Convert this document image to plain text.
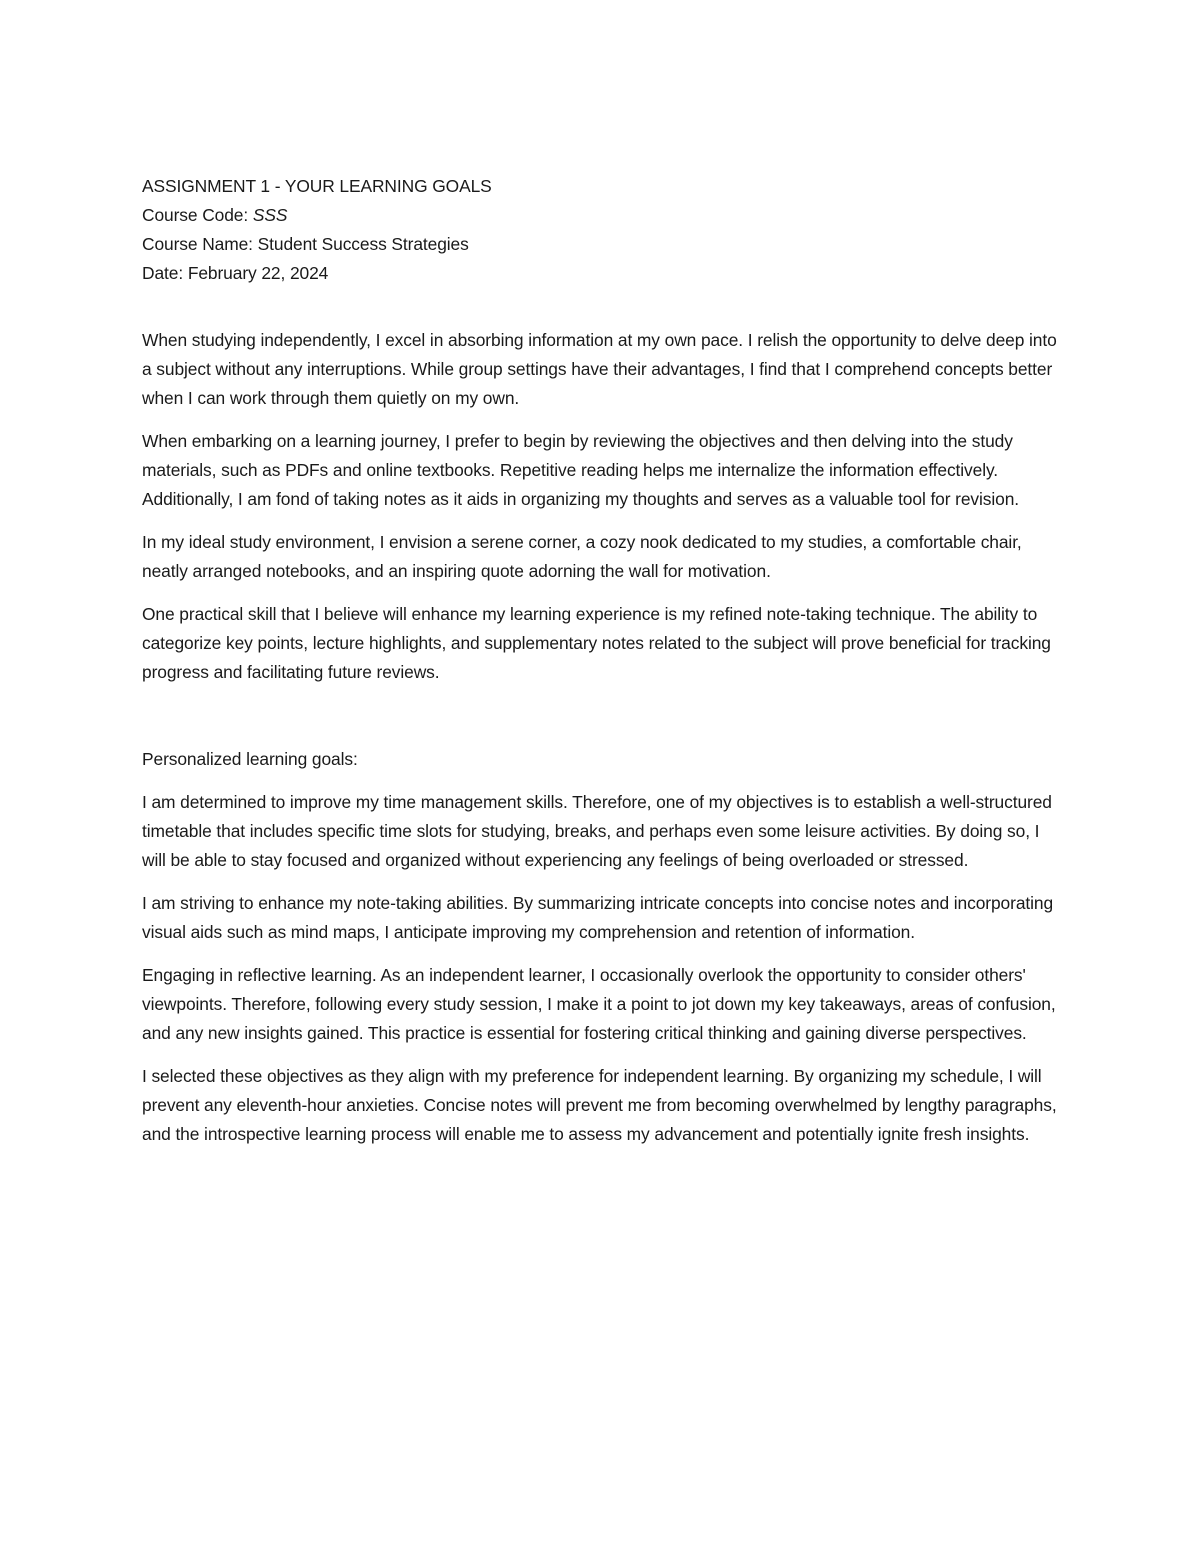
ASSIGNMENT 1 - YOUR LEARNING GOALS

Course Code: SSS

Course Name: Student Success Strategies

Date: February 22, 2024

When studying independently, I excel in absorbing information at my own pace. I relish the opportunity to delve deep into a subject without any interruptions. While group settings have their advantages, I find that I comprehend concepts better when I can work through them quietly on my own.

When embarking on a learning journey, I prefer to begin by reviewing the objectives and then delving into the study materials, such as PDFs and online textbooks. Repetitive reading helps me internalize the information effectively. Additionally, I am fond of taking notes as it aids in organizing my thoughts and serves as a valuable tool for revision.

In my ideal study environment, I envision a serene corner, a cozy nook dedicated to my studies, a comfortable chair, neatly arranged notebooks, and an inspiring quote adorning the wall for motivation.

One practical skill that I believe will enhance my learning experience is my refined note-taking technique. The ability to categorize key points, lecture highlights, and supplementary notes related to the subject will prove beneficial for tracking progress and facilitating future reviews.

Personalized learning goals:

I am determined to improve my time management skills. Therefore, one of my objectives is to establish a well-structured timetable that includes specific time slots for studying, breaks, and perhaps even some leisure activities. By doing so, I will be able to stay focused and organized without experiencing any feelings of being overloaded or stressed.

I am striving to enhance my note-taking abilities. By summarizing intricate concepts into concise notes and incorporating visual aids such as mind maps, I anticipate improving my comprehension and retention of information.

Engaging in reflective learning. As an independent learner, I occasionally overlook the opportunity to consider others' viewpoints. Therefore, following every study session, I make it a point to jot down my key takeaways, areas of confusion, and any new insights gained. This practice is essential for fostering critical thinking and gaining diverse perspectives.

I selected these objectives as they align with my preference for independent learning. By organizing my schedule, I will prevent any eleventh-hour anxieties. Concise notes will prevent me from becoming overwhelmed by lengthy paragraphs, and the introspective learning process will enable me to assess my advancement and potentially ignite fresh insights.
